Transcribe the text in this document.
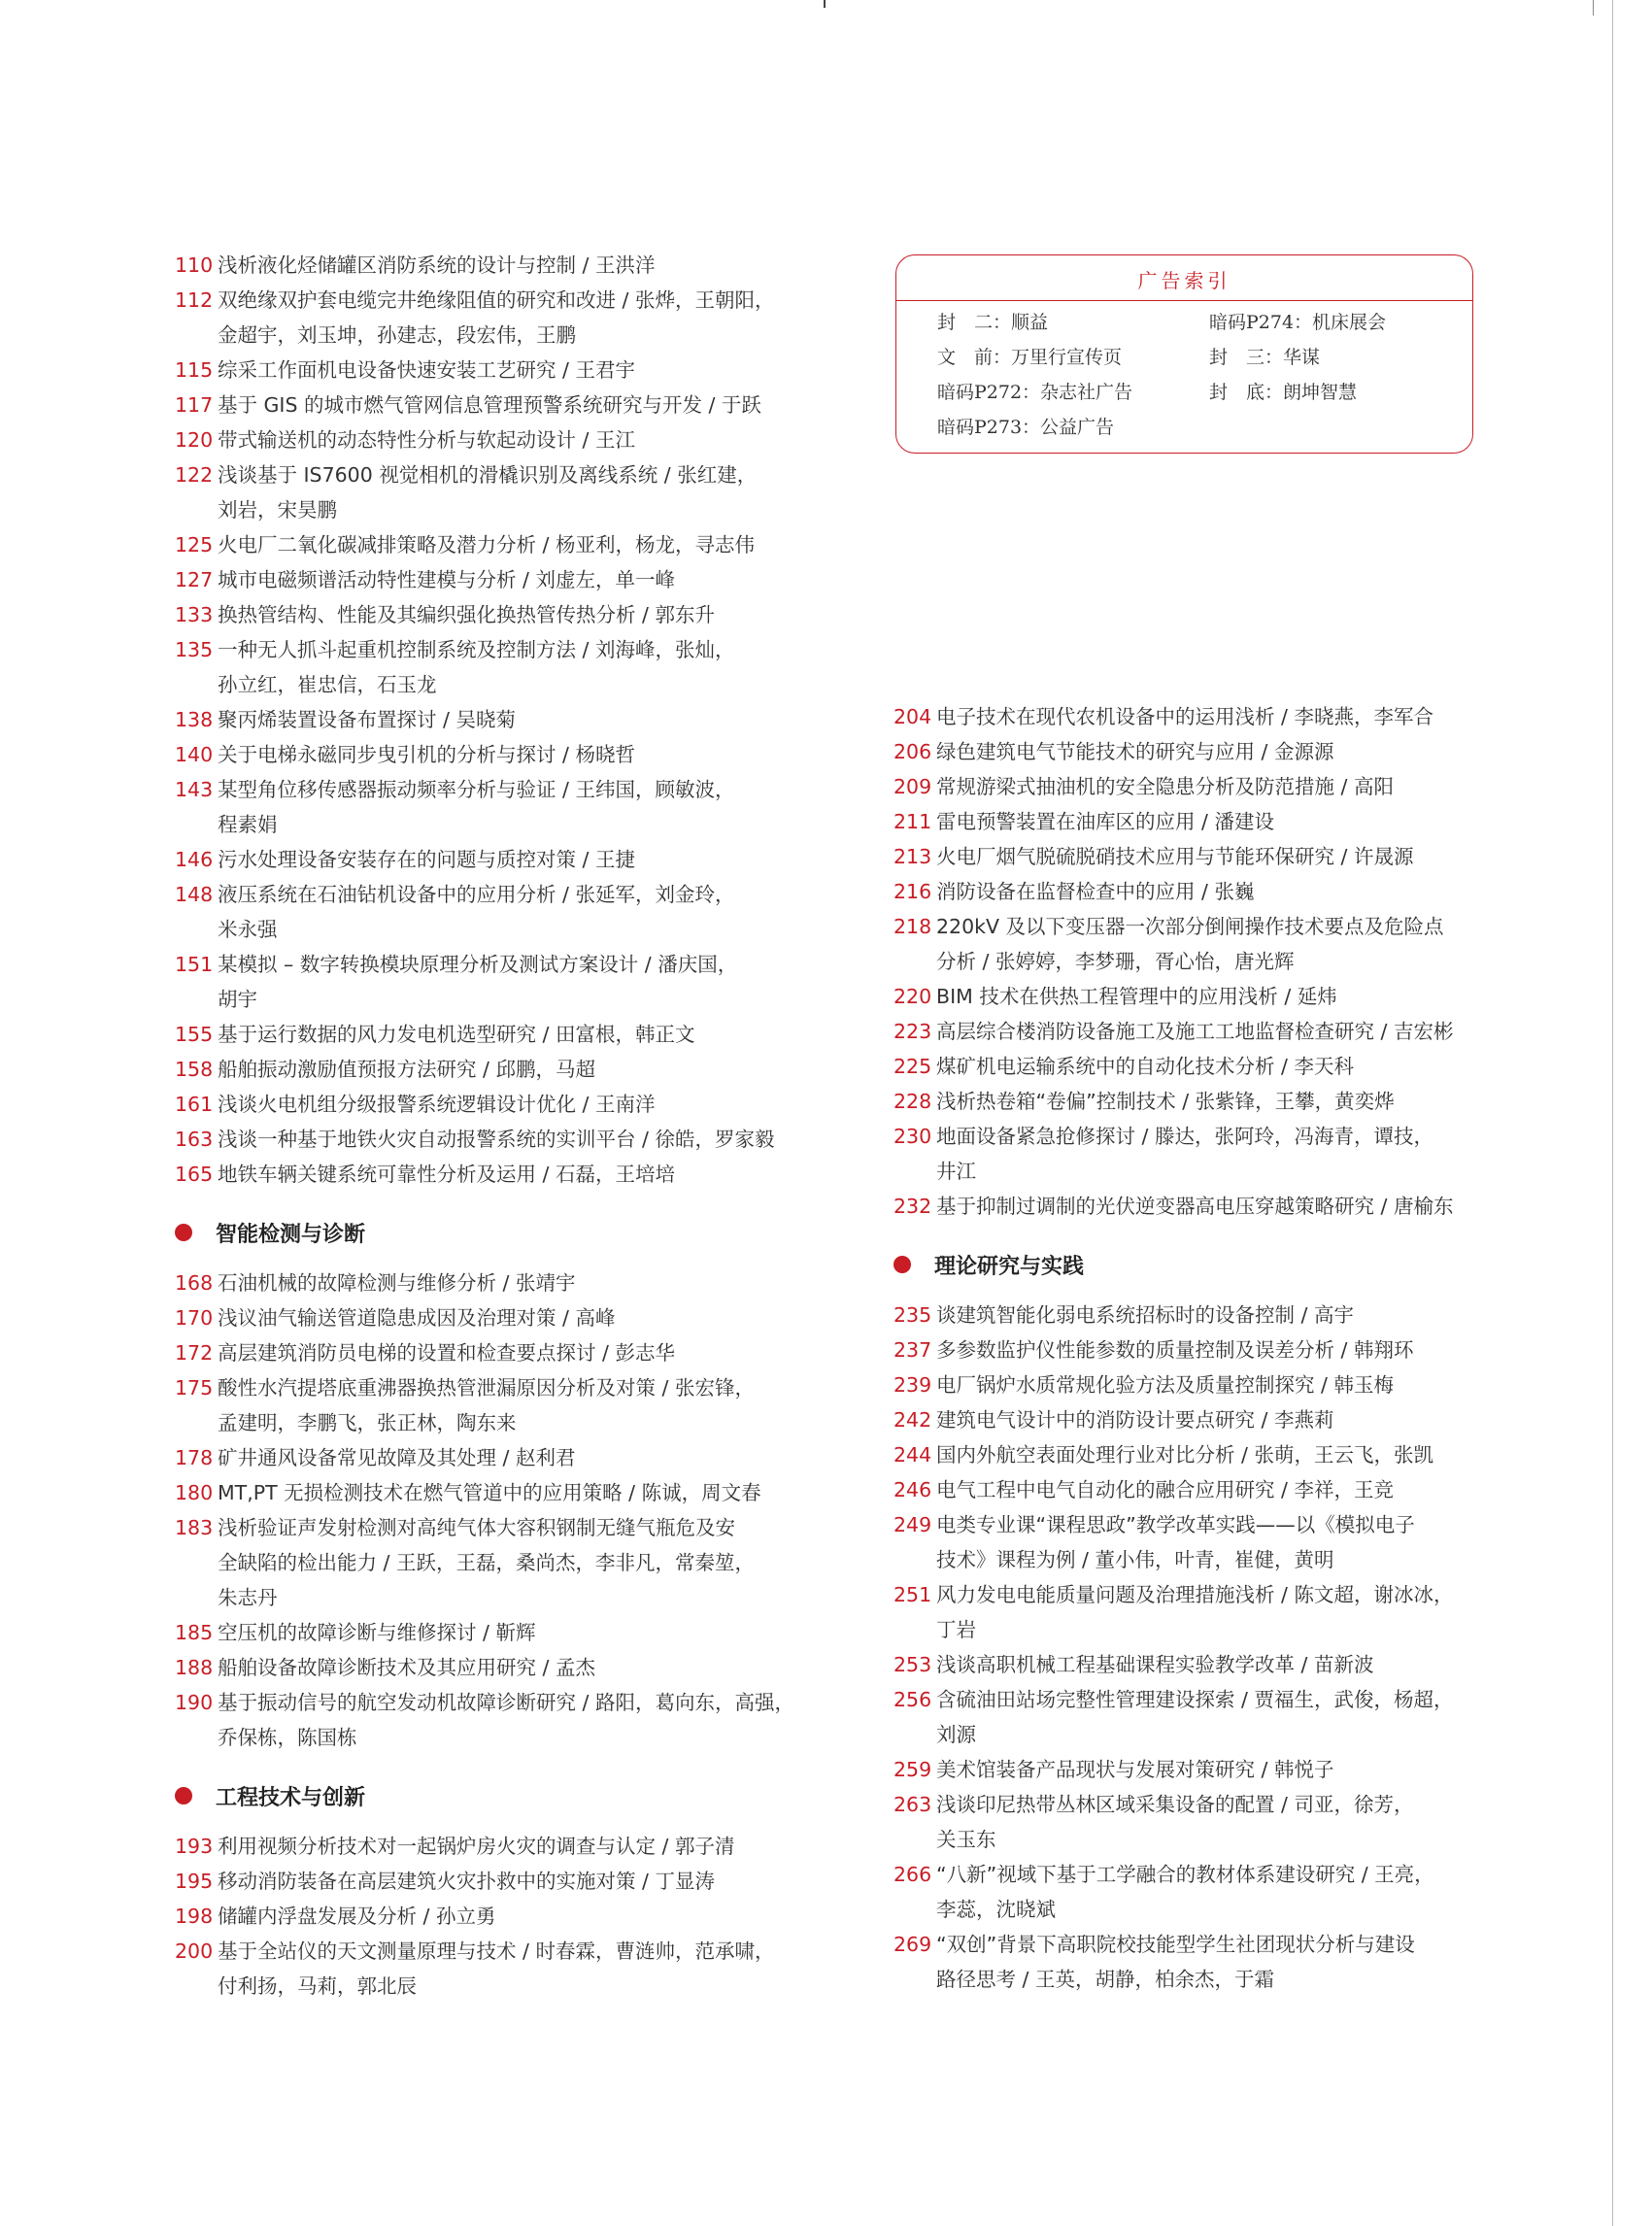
110 浅析液化烃储罐区消防系统的设计与控制 / 王洪洋
112 双绝缘双护套电缆完井绝缘阻值的研究和改进 / 张烨，王朝阳，
金超宇，刘玉坤，孙建志，段宏伟，王鹏
115 综采工作面机电设备快速安装工艺研究 / 王君宇
117 基于 GIS 的城市燃气管网信息管理预警系统研究与开发 / 于跃
120 带式输送机的动态特性分析与软起动设计 / 王江
122 浅谈基于 IS7600 视觉相机的滑橇识别及离线系统 / 张红建，
刘岩，宋昊鹏
125 火电厂二氧化碳减排策略及潜力分析 / 杨亚利，杨龙，寻志伟
127 城市电磁频谱活动特性建模与分析 / 刘虚左，单一峰
133 换热管结构、性能及其编织强化换热管传热分析 / 郭东升
135 一种无人抓斗起重机控制系统及控制方法 / 刘海峰，张灿，
孙立红，崔忠信，石玉龙
138 聚丙烯装置设备布置探讨 / 吴晓菊
140 关于电梯永磁同步曳引机的分析与探讨 / 杨晓哲
143 某型角位移传感器振动频率分析与验证 / 王纬国，顾敏波，
程素娟
146 污水处理设备安装存在的问题与质控对策 / 王捷
148 液压系统在石油钻机设备中的应用分析 / 张延军，刘金玲，
米永强
151 某模拟 – 数字转换模块原理分析及测试方案设计 / 潘庆国，
胡宇
155 基于运行数据的风力发电机选型研究 / 田富根，韩正文
158 船舶振动激励值预报方法研究 / 邱鹏，马超
161 浅谈火电机组分级报警系统逻辑设计优化 / 王南洋
163 浅谈一种基于地铁火灾自动报警系统的实训平台 / 徐皓，罗家毅
165 地铁车辆关键系统可靠性分析及运用 / 石磊，王培培
智能检测与诊断
168 石油机械的故障检测与维修分析 / 张靖宇
170 浅议油气输送管道隐患成因及治理对策 / 高峰
172 高层建筑消防员电梯的设置和检查要点探讨 / 彭志华
175 酸性水汽提塔底重沸器换热管泄漏原因分析及对策 / 张宏锋，
孟建明，李鹏飞，张正林，陶东来
178 矿井通风设备常见故障及其处理 / 赵利君
180 MT,PT 无损检测技术在燃气管道中的应用策略 / 陈诚，周文春
183 浅析验证声发射检测对高纯气体大容积钢制无缝气瓶危及安
全缺陷的检出能力 / 王跃，王磊，桑尚杰，李非凡，常秦堃，
朱志丹
185 空压机的故障诊断与维修探讨 / 靳辉
188 船舶设备故障诊断技术及其应用研究 / 孟杰
190 基于振动信号的航空发动机故障诊断研究 / 路阳，葛向东，高强，
乔保栋，陈国栋
工程技术与创新
193 利用视频分析技术对一起锅炉房火灾的调查与认定 / 郭子清
195 移动消防装备在高层建筑火灾扑救中的实施对策 / 丁显涛
198 储罐内浮盘发展及分析 / 孙立勇
200 基于全站仪的天文测量原理与技术 / 时春霖，曹涟帅，范承啸，
付利扬，马莉，郭北辰
广告索引
封　二：顺益	暗码P274：机床展会
文　前：万里行宣传页	封　三：华谋
暗码P272：杂志社广告	封　底：朗坤智慧
暗码P273：公益广告
204 电子技术在现代农机设备中的运用浅析 / 李晓燕，李军合
206 绿色建筑电气节能技术的研究与应用 / 金源源
209 常规游梁式抽油机的安全隐患分析及防范措施 / 高阳
211 雷电预警装置在油库区的应用 / 潘建设
213 火电厂烟气脱硫脱硝技术应用与节能环保研究 / 许晟源
216 消防设备在监督检查中的应用 / 张巍
218 220kV 及以下变压器一次部分倒闸操作技术要点及危险点
分析 / 张婷婷，李梦珊，胥心怡，唐光辉
220 BIM 技术在供热工程管理中的应用浅析 / 延炜
223 高层综合楼消防设备施工及施工工地监督检查研究 / 吉宏彬
225 煤矿机电运输系统中的自动化技术分析 / 李天科
228 浅析热卷箱“卷偏”控制技术 / 张紫锋，王攀，黄奕烨
230 地面设备紧急抢修探讨 / 滕达，张阿玲，冯海青，谭技，
井江
232 基于抑制过调制的光伏逆变器高电压穿越策略研究 / 唐榆东
理论研究与实践
235 谈建筑智能化弱电系统招标时的设备控制 / 高宇
237 多参数监护仪性能参数的质量控制及误差分析 / 韩翔环
239 电厂锅炉水质常规化验方法及质量控制探究 / 韩玉梅
242 建筑电气设计中的消防设计要点研究 / 李燕莉
244 国内外航空表面处理行业对比分析 / 张萌，王云飞，张凯
246 电气工程中电气自动化的融合应用研究 / 李祥，王竞
249 电类专业课“课程思政”教学改革实践——以《模拟电子
技术》课程为例 / 董小伟，叶青，崔健，黄明
251 风力发电电能质量问题及治理措施浅析 / 陈文超，谢冰冰，
丁岩
253 浅谈高职机械工程基础课程实验教学改革 / 苗新波
256 含硫油田站场完整性管理建设探索 / 贾福生，武俊，杨超，
刘源
259 美术馆装备产品现状与发展对策研究 / 韩悦子
263 浅谈印尼热带丛林区域采集设备的配置 / 司亚，徐芳，
关玉东
266 “八新”视域下基于工学融合的教材体系建设研究 / 王亮，
李蕊，沈晓斌
269 “双创”背景下高职院校技能型学生社团现状分析与建设
路径思考 / 王英，胡静，柏余杰，于霜
